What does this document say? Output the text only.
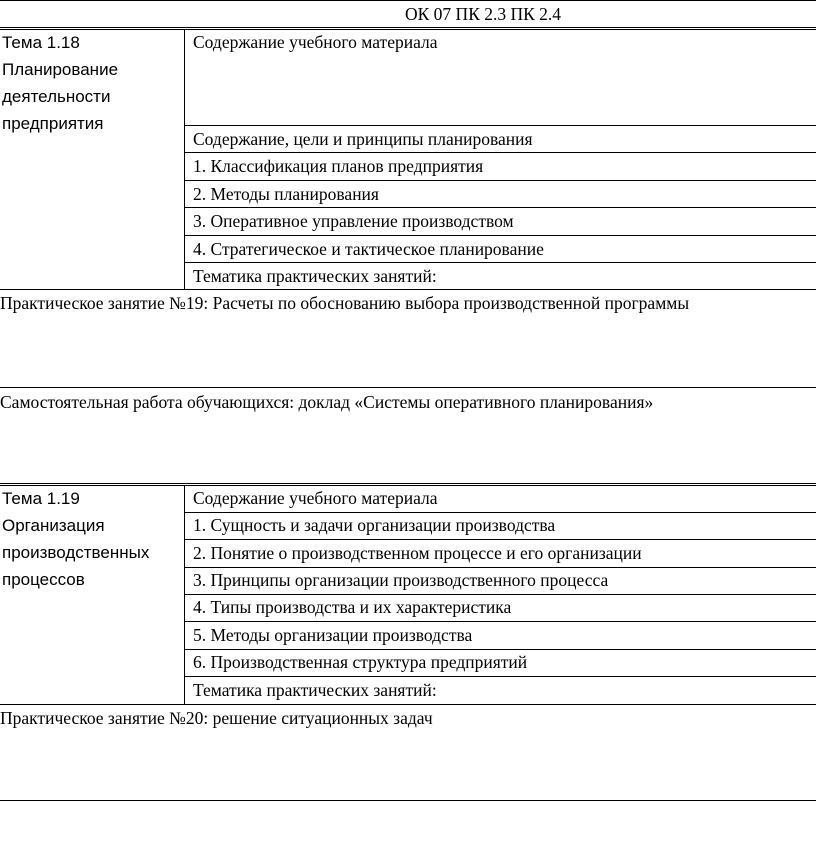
ОК 07 ПК 2.3 ПК 2.4
Тема 1.18
Планирование
деятельности
предприятия
Содержание учебного материала
Содержание, цели и принципы планирования
1. Классификация планов предприятия
2. Методы планирования
3. Оперативное управление производством
4. Стратегическое и тактическое планирование
Тематика практических занятий:
Практическое занятие №19: Расчеты по обоснованию выбора производственной программы
Самостоятельная работа обучающихся: доклад «Системы оперативного планирования»
Тема 1.19
Организация
производственных
процессов
Содержание учебного материала
1. Сущность и задачи организации производства
2. Понятие о производственном процессе и его организации
3. Принципы организации производственного процесса
4. Типы производства и их характеристика
5. Методы организации производства
6. Производственная структура предприятий
Тематика практических занятий:
Практическое занятие №20: решение ситуационных задач
